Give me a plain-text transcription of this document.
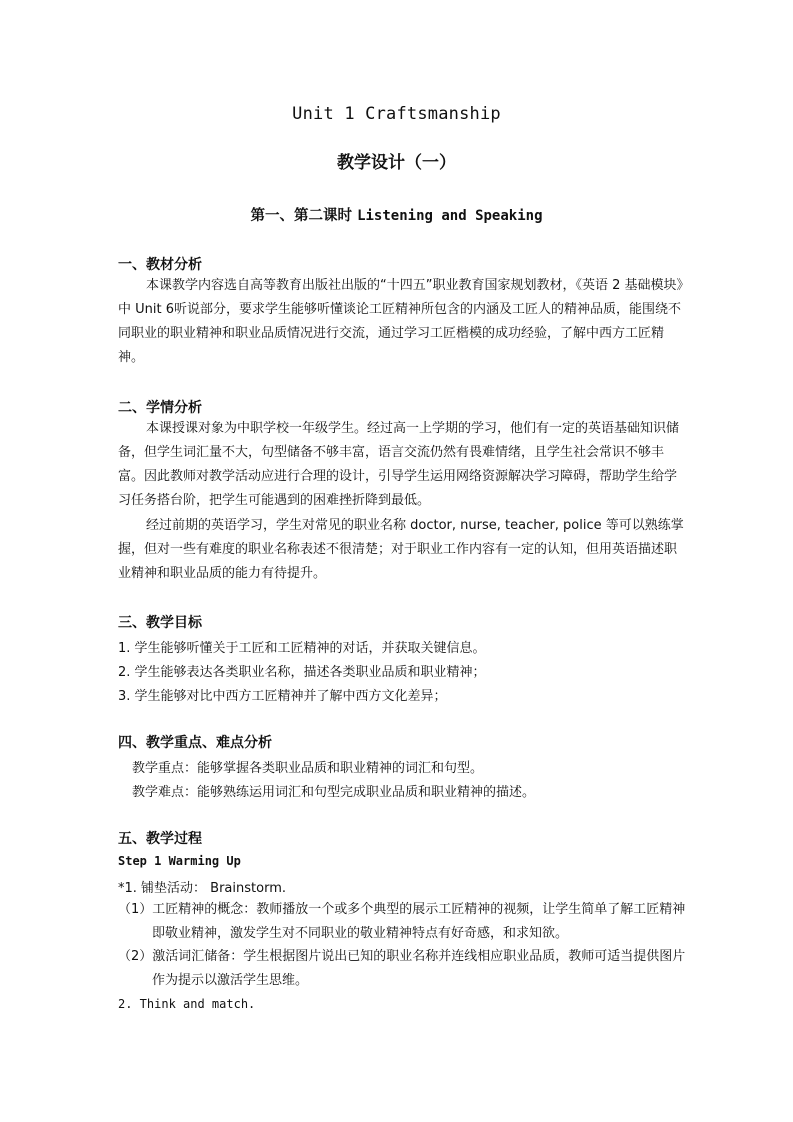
Unit 1 Craftsmanship
教学设计（一）
第一、第二课时 Listening and Speaking
一、教材分析
本课教学内容选自高等教育出版社出版的“十四五”职业教育国家规划教材，《英语 2 基础模块》中 Unit 6听说部分，要求学生能够听懂谈论工匠精神所包含的内涵及工匠人的精神品质，能围绕不同职业的职业精神和职业品质情况进行交流，通过学习工匠楷模的成功经验，了解中西方工匠精神。
二、学情分析
本课授课对象为中职学校一年级学生。经过高一上学期的学习，他们有一定的英语基础知识储备，但学生词汇量不大，句型储备不够丰富，语言交流仍然有畏难情绪，且学生社会常识不够丰富。因此教师对教学活动应进行合理的设计，引导学生运用网络资源解决学习障碍，帮助学生给学习任务搭台阶，把学生可能遇到的困难挫折降到最低。
经过前期的英语学习，学生对常见的职业名称 doctor, nurse, teacher, police 等可以熟练掌握，但对一些有难度的职业名称表述不很清楚；对于职业工作内容有一定的认知，但用英语描述职业精神和职业品质的能力有待提升。
三、教学目标
1. 学生能够听懂关于工匠和工匠精神的对话，并获取关键信息。
2. 学生能够表达各类职业名称，描述各类职业品质和职业精神；
3. 学生能够对比中西方工匠精神并了解中西方文化差异；
四、教学重点、难点分析
教学重点：能够掌握各类职业品质和职业精神的词汇和句型。
教学难点：能够熟练运用词汇和句型完成职业品质和职业精神的描述。
五、教学过程
Step 1 Warming Up
*1. 铺垫活动： Brainstorm.
（1）工匠精神的概念：教师播放一个或多个典型的展示工匠精神的视频，让学生简单了解工匠精神即敬业精神，激发学生对不同职业的敬业精神特点有好奇感，和求知欲。
（2）激活词汇储备：学生根据图片说出已知的职业名称并连线相应职业品质，教师可适当提供图片作为提示以激活学生思维。
2. Think and match.
